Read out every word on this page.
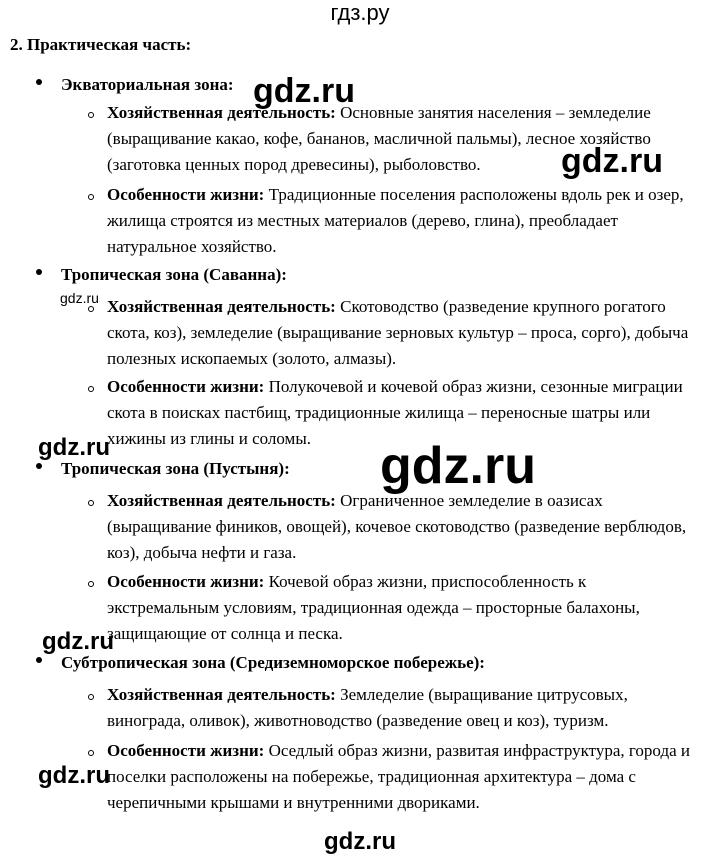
гдз.ру
2. Практическая часть:
Экваториальная зона:
Хозяйственная деятельность: Основные занятия населения – земледелие (выращивание какао, кофе, бананов, масличной пальмы), лесное хозяйство (заготовка ценных пород древесины), рыболовство.
Особенности жизни: Традиционные поселения расположены вдоль рек и озер, жилища строятся из местных материалов (дерево, глина), преобладает натуральное хозяйство.
Тропическая зона (Саванна):
Хозяйственная деятельность: Скотоводство (разведение крупного рогатого скота, коз), земледелие (выращивание зерновых культур – проса, сорго), добыча полезных ископаемых (золото, алмазы).
Особенности жизни: Полукочевой и кочевой образ жизни, сезонные миграции скота в поисках пастбищ, традиционные жилища – переносные шатры или хижины из глины и соломы.
Тропическая зона (Пустыня):
Хозяйственная деятельность: Ограниченное земледелие в оазисах (выращивание фиников, овощей), кочевое скотоводство (разведение верблюдов, коз), добыча нефти и газа.
Особенности жизни: Кочевой образ жизни, приспособленность к экстремальным условиям, традиционная одежда – просторные балахоны, защищающие от солнца и песка.
Субтропическая зона (Средиземноморское побережье):
Хозяйственная деятельность: Земледелие (выращивание цитрусовых, винограда, оливок), животноводство (разведение овец и коз), туризм.
Особенности жизни: Оседлый образ жизни, развитая инфраструктура, города и поселки расположены на побережье, традиционная архитектура – дома с черепичными крышами и внутренними двориками.
gdz.ru
gdz.ru
gdz.ru
gdz.ru	gdz.ru
gdz.ru
gdz.ru
gdz.ru
